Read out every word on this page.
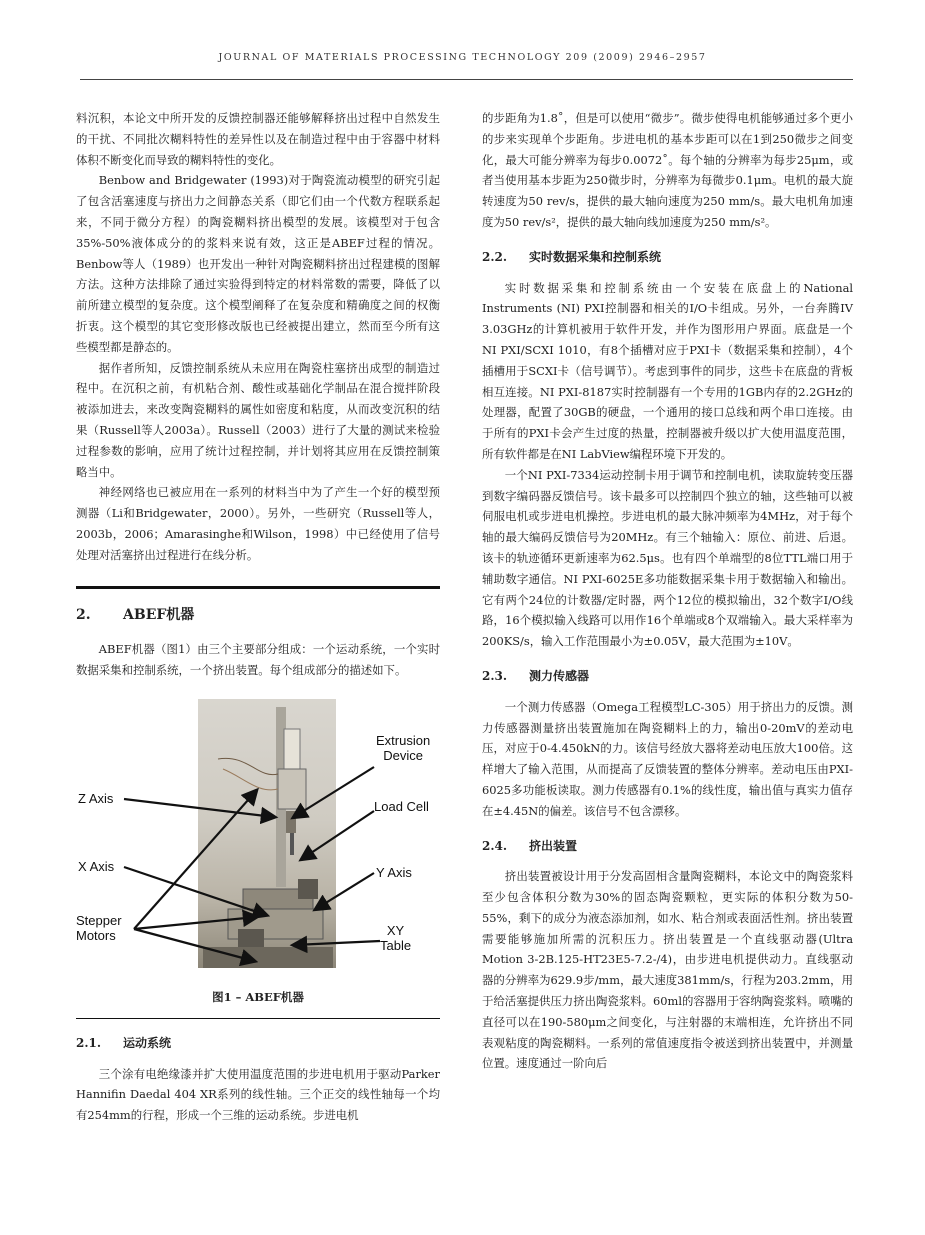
JOURNAL OF MATERIALS PROCESSING TECHNOLOGY 209 (2009) 2946–2957

料沉积，本论文中所开发的反馈控制器还能够解释挤出过程中自然发生的干扰、不同批次糊料特性的差异性以及在制造过程中由于容器中材料体积不断变化而导致的糊料特性的变化。

Benbow and Bridgewater (1993)对于陶瓷流动模型的研究引起了包含活塞速度与挤出力之间静态关系（即它们由一个代数方程联系起来，不同于微分方程）的陶瓷糊料挤出模型的发展。该模型对于包含35%-50%液体成分的的浆料来说有效，这正是ABEF过程的情况。Benbow等人（1989）也开发出一种针对陶瓷糊料挤出过程建模的图解方法。这种方法排除了通过实验得到特定的材料常数的需要，降低了以前所建立模型的复杂度。这个模型阐释了在复杂度和精确度之间的权衡折衷。这个模型的其它变形修改版也已经被提出建立，然而至今所有这些模型都是静态的。

据作者所知，反馈控制系统从未应用在陶瓷柱塞挤出成型的制造过程中。在沉积之前，有机粘合剂、酸性或基础化学制品在混合搅拌阶段被添加进去，来改变陶瓷糊料的属性如密度和粘度，从而改变沉积的结果（Russell等人2003a）。Russell（2003）进行了大量的测试来检验过程参数的影响，应用了统计过程控制，并计划将其应用在反馈控制策略当中。

神经网络也已被应用在一系列的材料当中为了产生一个好的模型预测器（Li和Bridgewater，2000）。另外，一些研究（Russell等人，2003b，2006；Amarasinghe和Wilson，1998）中已经使用了信号处理对活塞挤出过程进行在线分析。

2. ABEF机器

ABEF机器（图1）由三个主要部分组成：一个运动系统，一个实时数据采集和控制系统，一个挤出装置。每个组成部分的描述如下。

Extrusion
Device
Load Cell
Z Axis
X Axis	Y Axis
Stepper
Motors	XY
Table
图1 – ABEF机器
2.1. 运动系统

三个涂有电绝缘漆并扩大使用温度范围的步进电机用于驱动Parker Hannifin Daedal 404 XR系列的线性轴。三个正交的线性轴每一个均有254mm的行程，形成一个三维的运动系统。步进电机

的步距角为1.8˚，但是可以使用“微步”。微步使得电机能够通过多个更小的步来实现单个步距角。步进电机的基本步距可以在1到250微步之间变化，最大可能分辨率为每步0.0072˚。每个轴的分辨率为每步25μm，或者当使用基本步距为250微步时，分辨率为每微步0.1μm。电机的最大旋转速度为50 rev/s，提供的最大轴向速度为250 mm/s。最大电机角加速度为50 rev/s²，提供的最大轴向线加速度为250 mm/s²。

2.2. 实时数据采集和控制系统

实时数据采集和控制系统由一个安装在底盘上的National Instruments (NI) PXI控制器和相关的I/O卡组成。另外，一台奔腾IV 3.03GHz的计算机被用于软件开发，并作为图形用户界面。底盘是一个NI PXI/SCXI 1010，有8个插槽对应于PXI卡（数据采集和控制），4个插槽用于SCXI卡（信号调节）。考虑到事件的同步，这些卡在底盘的背板相互连接。NI PXI-8187实时控制器有一个专用的1GB内存的2.2GHz的处理器，配置了30GB的硬盘，一个通用的接口总线和两个串口连接。由于所有的PXI卡会产生过度的热量，控制器被升级以扩大使用温度范围，所有软件都是在NI LabView编程环境下开发的。

一个NI PXI-7334运动控制卡用于调节和控制电机，读取旋转变压器到数字编码器反馈信号。该卡最多可以控制四个独立的轴，这些轴可以被伺服电机或步进电机操控。步进电机的最大脉冲频率为4MHz，对于每个轴的最大编码反馈信号为20MHz。有三个轴输入：原位、前进、后退。该卡的轨迹循环更新速率为62.5μs。也有四个单端型的8位TTL端口用于辅助数字通信。NI PXI-6025E多功能数据采集卡用于数据输入和输出。它有两个24位的计数器/定时器，两个12位的模拟输出，32个数字I/O线路，16个模拟输入线路可以用作16个单端或8个双端输入。最大采样率为200KS/s，输入工作范围最小为±0.05V，最大范围为±10V。

2.3. 测力传感器

一个测力传感器（Omega工程模型LC-305）用于挤出力的反馈。测力传感器测量挤出装置施加在陶瓷糊料上的力，输出0-20mV的差动电压，对应于0-4.450kN的力。该信号经放大器将差动电压放大100倍。这样增大了输入范围，从而提高了反馈装置的整体分辨率。差动电压由PXI-6025多功能板读取。测力传感器有0.1%的线性度，输出值与真实力值存在±4.45N的偏差。该信号不包含漂移。

2.4. 挤出装置

挤出装置被设计用于分发高固相含量陶瓷糊料，本论文中的陶瓷浆料至少包含体积分数为30%的固态陶瓷颗粒，更实际的体积分数为50-55%，剩下的成分为液态添加剂，如水、粘合剂或表面活性剂。挤出装置需要能够施加所需的沉积压力。挤出装置是一个直线驱动器(Ultra Motion 3-2B.125-HT23E5-7.2-/4)，由步进电机提供动力。直线驱动器的分辨率为629.9步/mm，最大速度381mm/s，行程为203.2mm，用于给活塞提供压力挤出陶瓷浆料。60ml的容器用于容纳陶瓷浆料。喷嘴的直径可以在190-580μm之间变化，与注射器的末端相连，允许挤出不同表观粘度的陶瓷糊料。一系列的常值速度指令被送到挤出装置中，并测量位置。速度通过一阶向后
